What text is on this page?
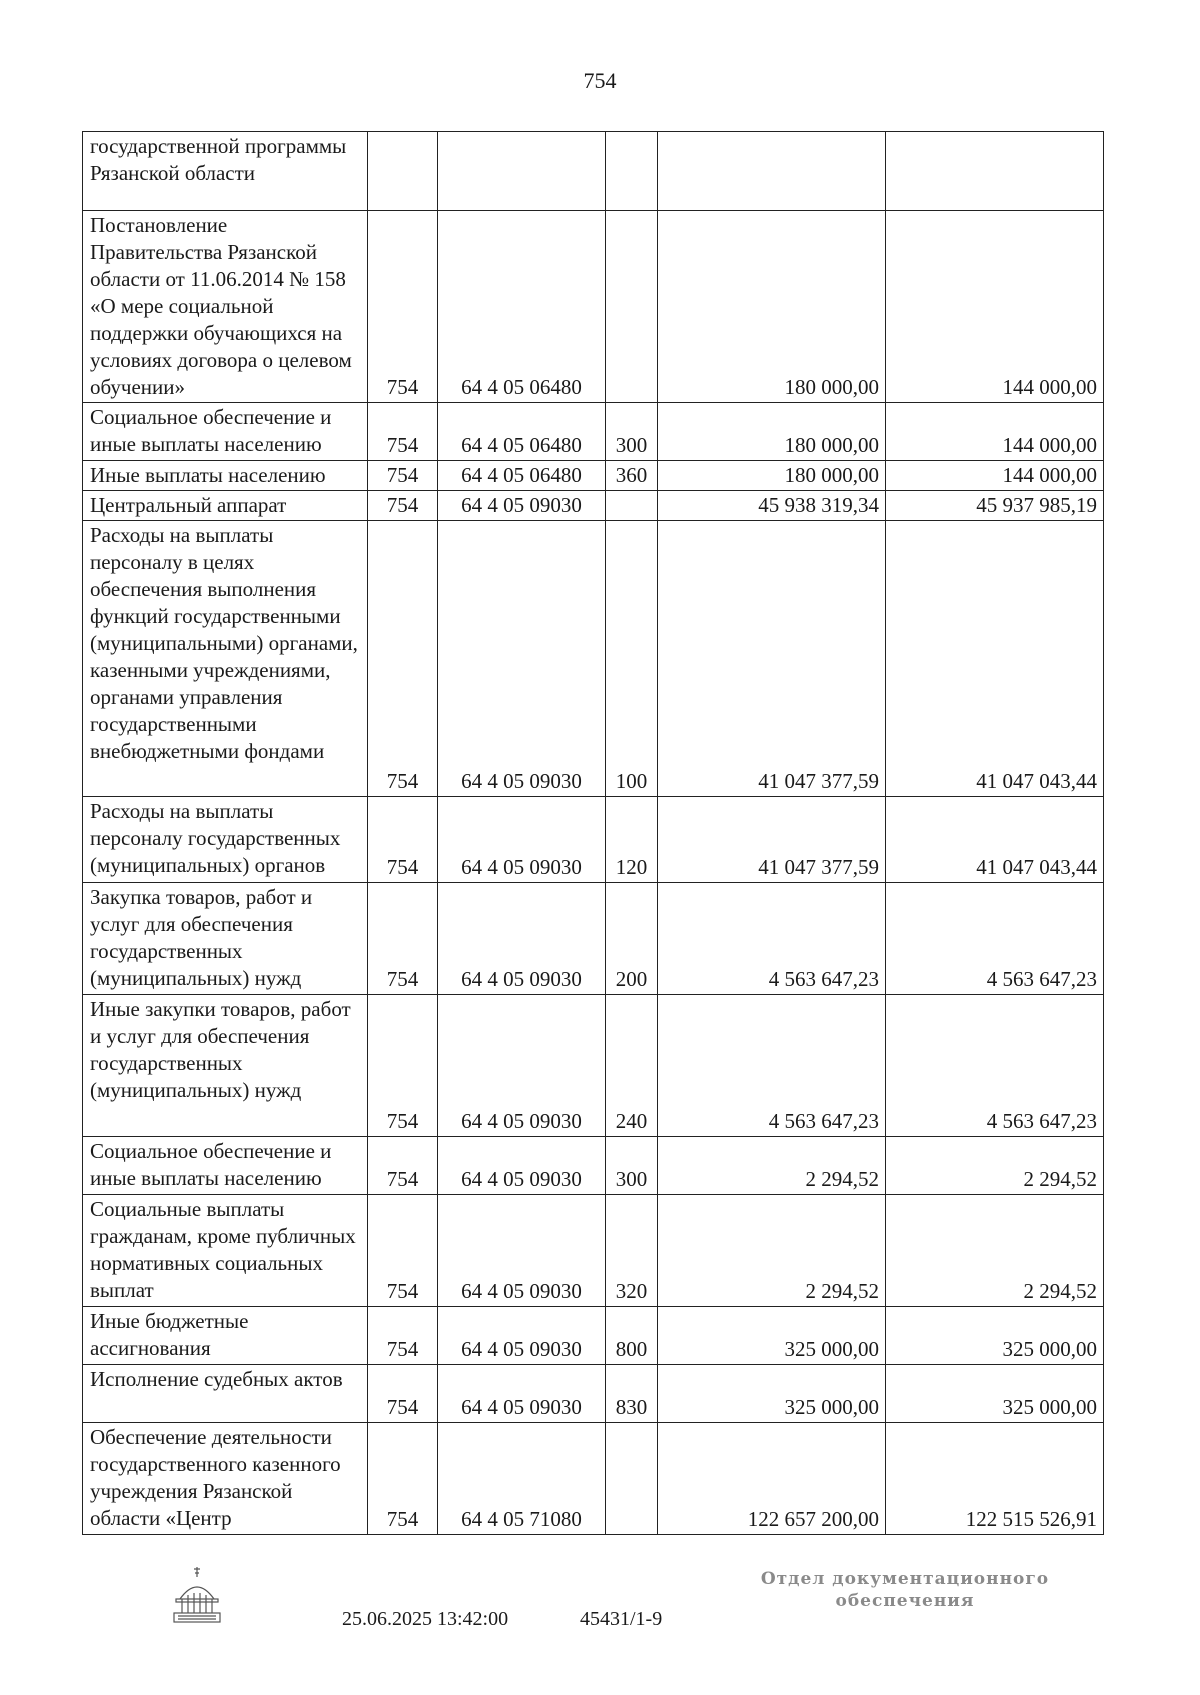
754
государственной программы Рязанской области					
Постановление Правительства Рязанской области от 11.06.2014 № 158 «О мере социальной поддержки обучающихся на условиях договора о целевом обучении»	754	64 4 05 06480		180 000,00	144 000,00
Социальное обеспечение и иные выплаты населению	754	64 4 05 06480	300	180 000,00	144 000,00
Иные выплаты населению	754	64 4 05 06480	360	180 000,00	144 000,00
Центральный аппарат	754	64 4 05 09030		45 938 319,34	45 937 985,19
Расходы на выплаты персоналу в целях обеспечения выполнения функций государственными (муниципальными) органами, казенными учреждениями, органами управления государственными внебюджетными фондами	754	64 4 05 09030	100	41 047 377,59	41 047 043,44
Расходы на выплаты персоналу государственных (муниципальных) органов	754	64 4 05 09030	120	41 047 377,59	41 047 043,44
Закупка товаров, работ и услуг для обеспечения государственных (муниципальных) нужд	754	64 4 05 09030	200	4 563 647,23	4 563 647,23
Иные закупки товаров, работ и услуг для обеспечения государственных (муниципальных) нужд	754	64 4 05 09030	240	4 563 647,23	4 563 647,23
Социальное обеспечение и иные выплаты населению	754	64 4 05 09030	300	2 294,52	2 294,52
Социальные выплаты гражданам, кроме публичных нормативных социальных выплат	754	64 4 05 09030	320	2 294,52	2 294,52
Иные бюджетные ассигнования	754	64 4 05 09030	800	325 000,00	325 000,00
Исполнение судебных актов	754	64 4 05 09030	830	325 000,00	325 000,00
Обеспечение деятельности государственного казенного учреждения Рязанской области «Центр	754	64 4 05 71080		122 657 200,00	122 515 526,91
25.06.2025 13:42:00	45431/1-9
Отдел документационного
обеспечения
